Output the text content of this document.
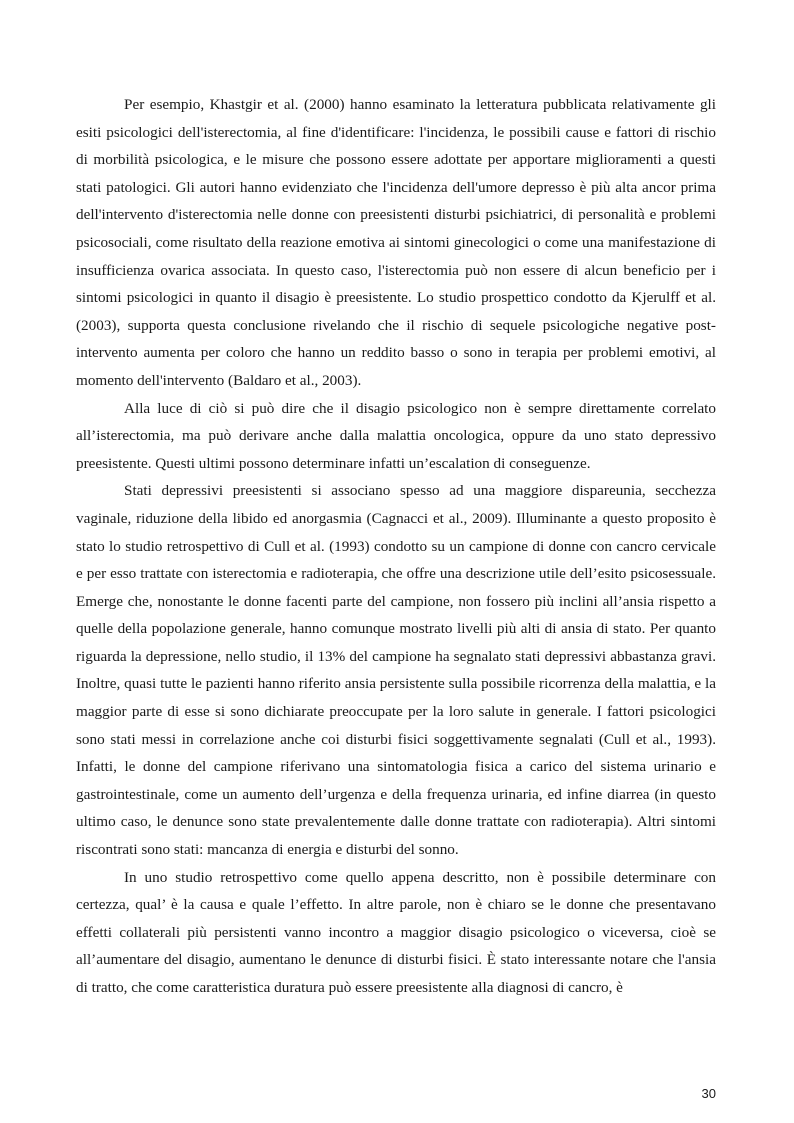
Per esempio, Khastgir et al. (2000) hanno esaminato la letteratura pubblicata relativamente gli esiti psicologici dell'isterectomia, al fine d'identificare: l'incidenza, le possibili cause e fattori di rischio di morbilità psicologica, e le misure che possono essere adottate per apportare miglioramenti a questi stati patologici. Gli autori hanno evidenziato che l'incidenza dell'umore depresso è più alta ancor prima dell'intervento d'isterectomia nelle donne con preesistenti disturbi psichiatrici, di personalità e problemi psicosociali, come risultato della reazione emotiva ai sintomi ginecologici o come una manifestazione di insufficienza ovarica associata. In questo caso, l'isterectomia può non essere di alcun beneficio per i sintomi psicologici in quanto il disagio è preesistente. Lo studio prospettico condotto da Kjerulff et al. (2003), supporta questa conclusione rivelando che il rischio di sequele psicologiche negative post-intervento aumenta per coloro che hanno un reddito basso o sono in terapia per problemi emotivi, al momento dell'intervento (Baldaro et al., 2003).

Alla luce di ciò si può dire che il disagio psicologico non è sempre direttamente correlato all’isterectomia, ma può derivare anche dalla malattia oncologica, oppure da uno stato depressivo preesistente. Questi ultimi possono determinare infatti un’escalation di conseguenze.

Stati depressivi preesistenti si associano spesso ad una maggiore dispareunia, secchezza vaginale, riduzione della libido ed anorgasmia (Cagnacci et al., 2009). Illuminante a questo proposito è stato lo studio retrospettivo di Cull et al. (1993) condotto su un campione di donne con cancro cervicale e per esso trattate con isterectomia e radioterapia, che offre una descrizione utile dell’esito psicosessuale. Emerge che, nonostante le donne facenti parte del campione, non fossero più inclini all’ansia rispetto a quelle della popolazione generale, hanno comunque mostrato livelli più alti di ansia di stato. Per quanto riguarda la depressione, nello studio, il 13% del campione ha segnalato stati depressivi abbastanza gravi. Inoltre, quasi tutte le pazienti hanno riferito ansia persistente sulla possibile ricorrenza della malattia, e la maggior parte di esse si sono dichiarate preoccupate per la loro salute in generale. I fattori psicologici sono stati messi in correlazione anche coi disturbi fisici soggettivamente segnalati (Cull et al., 1993). Infatti, le donne del campione riferivano una sintomatologia fisica a carico del sistema urinario e gastrointestinale, come un aumento dell’urgenza e della frequenza urinaria, ed infine diarrea (in questo ultimo caso, le denunce sono state prevalentemente dalle donne trattate con radioterapia). Altri sintomi riscontrati sono stati: mancanza di energia e disturbi del sonno.

In uno studio retrospettivo come quello appena descritto, non è possibile determinare con certezza, qual’ è la causa e quale l’effetto. In altre parole, non è chiaro se le donne che presentavano effetti collaterali più persistenti vanno incontro a maggior disagio psicologico o viceversa, cioè se all’aumentare del disagio, aumentano le denunce di disturbi fisici. È stato interessante notare che l'ansia di tratto, che come caratteristica duratura può essere preesistente alla diagnosi di cancro, è

30
